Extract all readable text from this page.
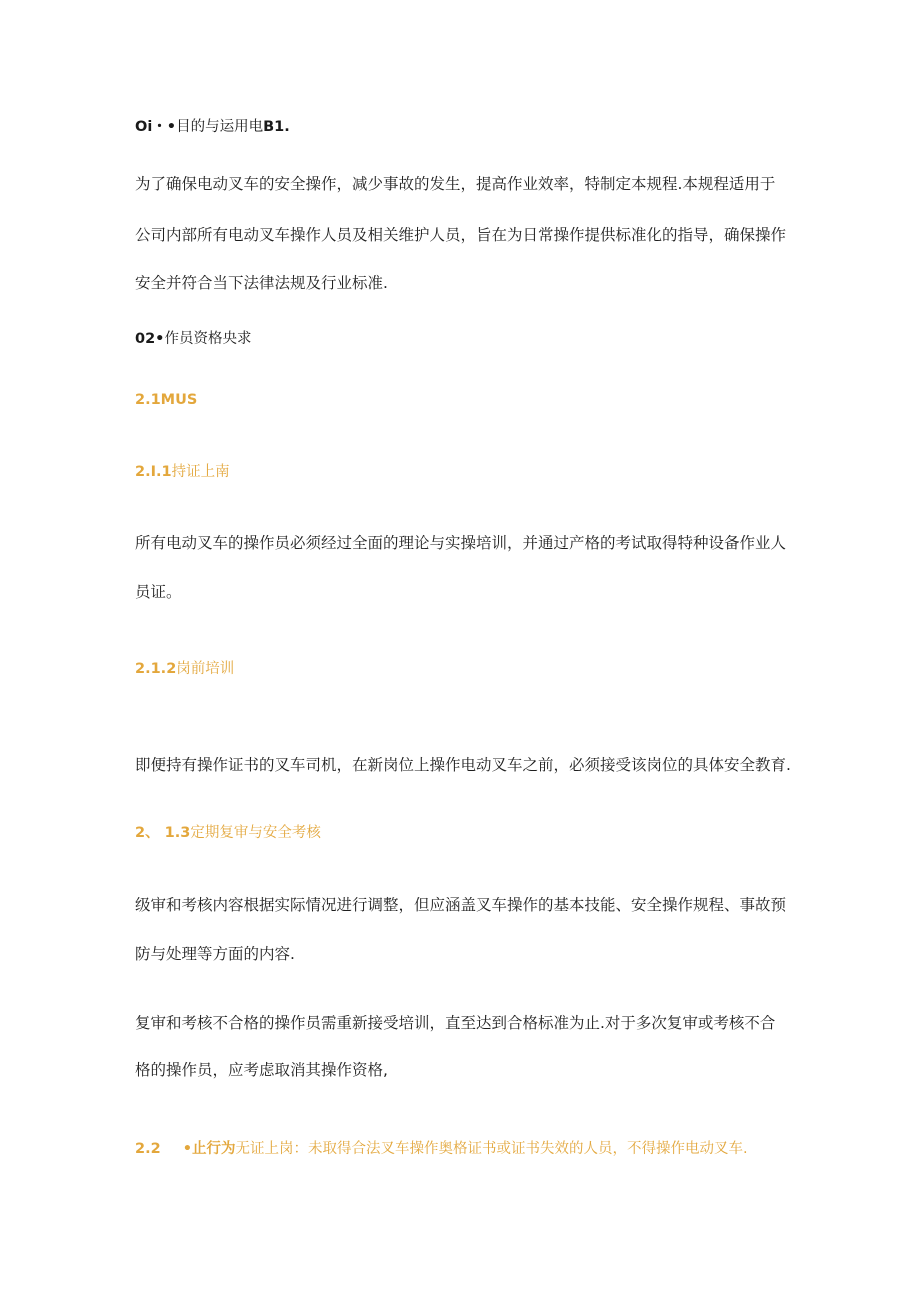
Oi・•目的与运用电B1.
为了确保电动叉车的安全操作，减少事故的发生，提高作业效率，特制定本规程.本规程适用于
公司内部所有电动叉车操作人员及相关维护人员，旨在为日常操作提供标准化的指导，确保操作
安全并符合当下法律法规及行业标准.
02•作员资格央求
2.1MUS
2.I.1持证上南
所有电动叉车的操作员必须经过全面的理论与实操培训，并通过产格的考试取得特种设备作业人
员证。
2.1.2岗前培训
即便持有操作证书的叉车司机，在新岗位上操作电动叉车之前，必须接受该岗位的具体安全教育.
2、 1.3定期复审与安全考核
级审和考核内容根据实际情况进行调整，但应涵盖叉车操作的基本技能、安全操作规程、事故预
防与处理等方面的内容.
复审和考核不合格的操作员需重新接受培训，直至达到合格标准为止.对于多次复审或考核不合
格的操作员，应考虑取消其操作资格,
2.2 •止行为无证上岗：未取得合法叉车操作奥格证书或证书失效的人员，不得操作电动叉车.
